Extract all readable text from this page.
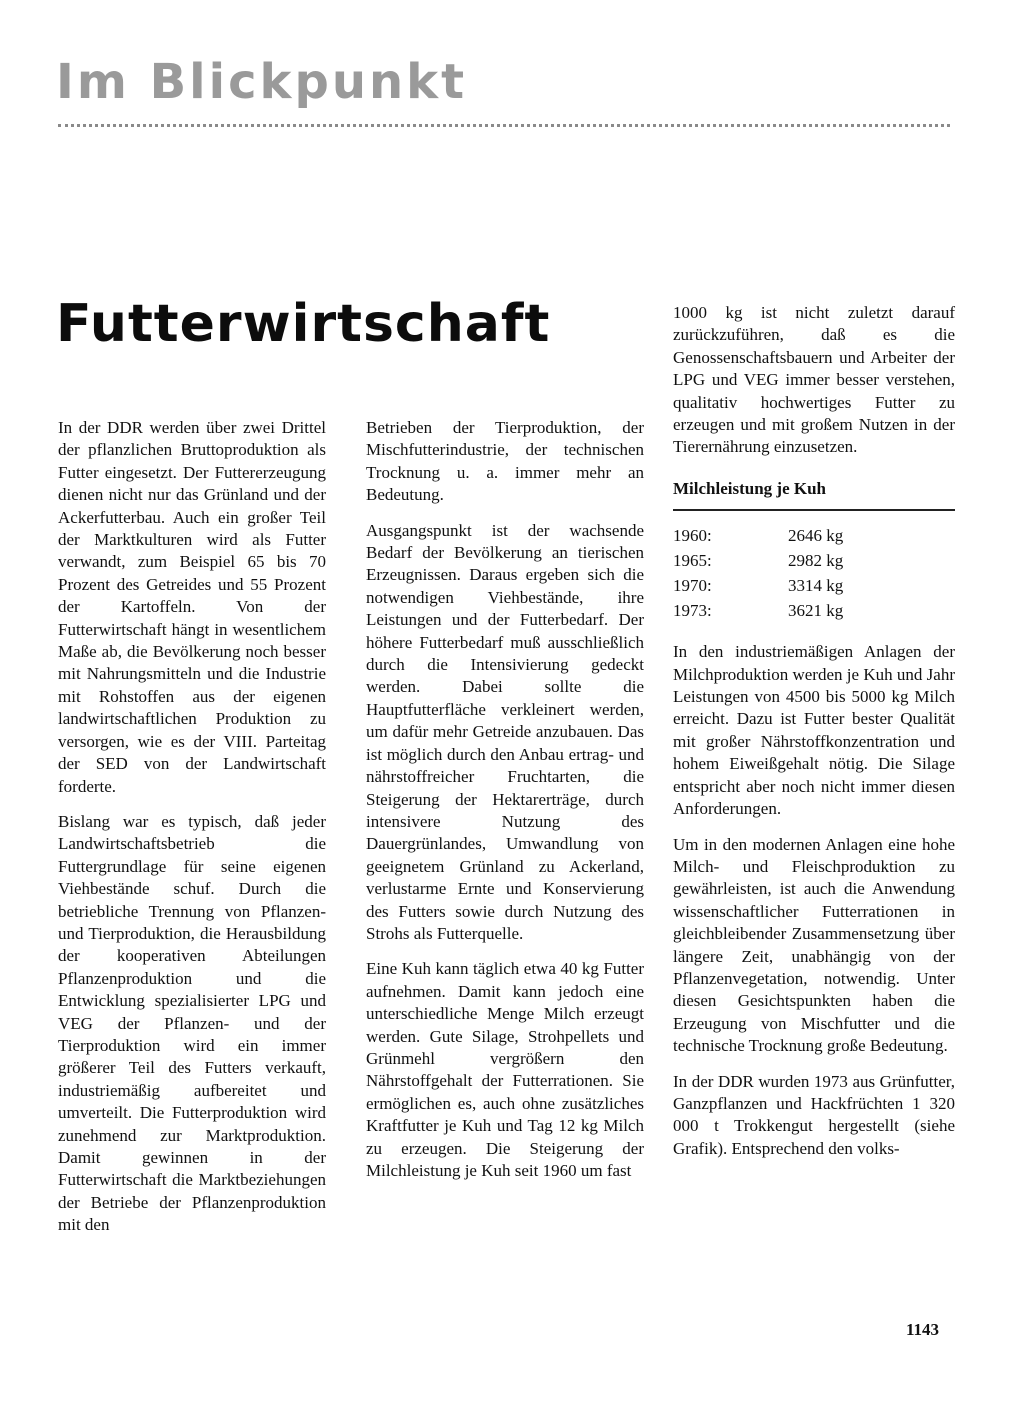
Im Blickpunkt
Futterwirtschaft

In der DDR werden über zwei Drittel der pflanzlichen Bruttoproduktion als Futter eingesetzt. Der Futtererzeugung dienen nicht nur das Grünland und der Ackerfutterbau. Auch ein großer Teil der Marktkulturen wird als Futter verwandt, zum Beispiel 65 bis 70 Prozent des Getreides und 55 Prozent der Kartoffeln. Von der Futterwirtschaft hängt in wesentlichem Maße ab, die Bevölkerung noch besser mit Nahrungsmitteln und die Industrie mit Rohstoffen aus der eigenen landwirtschaftlichen Produktion zu versorgen, wie es der VIII. Parteitag der SED von der Landwirtschaft forderte.

Bislang war es typisch, daß jeder Landwirtschaftsbetrieb die Futtergrundlage für seine eigenen Viehbestände schuf. Durch die betriebliche Trennung von Pflanzen- und Tierproduktion, die Herausbildung der kooperativen Abteilungen Pflanzenproduktion und die Entwicklung spezialisierter LPG und VEG der Pflanzen- und der Tierproduktion wird ein immer größerer Teil des Futters verkauft, industriemäßig aufbereitet und umverteilt. Die Futterproduktion wird zunehmend zur Marktproduktion. Damit gewinnen in der Futterwirtschaft die Marktbeziehungen der Betriebe der Pflanzenproduktion mit den

Betrieben der Tierproduktion, der Mischfutterindustrie, der technischen Trocknung u. a. immer mehr an Bedeutung.

Ausgangspunkt ist der wachsende Bedarf der Bevölkerung an tierischen Erzeugnissen. Daraus ergeben sich die notwendigen Viehbestände, ihre Leistungen und der Futterbedarf. Der höhere Futterbedarf muß ausschließlich durch die Intensivierung gedeckt werden. Dabei sollte die Hauptfutterfläche verkleinert werden, um dafür mehr Getreide anzubauen. Das ist möglich durch den Anbau ertrag- und nährstoffreicher Fruchtarten, die Steigerung der Hektarerträge, durch intensivere Nutzung des Dauergrünlandes, Umwandlung von geeignetem Grünland zu Ackerland, verlustarme Ernte und Konservierung des Futters sowie durch Nutzung des Strohs als Futterquelle.

Eine Kuh kann täglich etwa 40 kg Futter aufnehmen. Damit kann jedoch eine unterschiedliche Menge Milch erzeugt werden. Gute Silage, Strohpellets und Grünmehl vergrößern den Nährstoffgehalt der Futterrationen. Sie ermöglichen es, auch ohne zusätzliches Kraftfutter je Kuh und Tag 12 kg Milch zu erzeugen. Die Steigerung der Milchleistung je Kuh seit 1960 um fast

1000 kg ist nicht zuletzt darauf zurückzuführen, daß es die Genossenschaftsbauern und Arbeiter der LPG und VEG immer besser verstehen, qualitativ hochwertiges Futter zu erzeugen und mit großem Nutzen in der Tierernährung einzusetzen.

Milchleistung je Kuh
1960:	2646 kg
1965:	2982 kg
1970:	3314 kg
1973:	3621 kg

In den industriemäßigen Anlagen der Milchproduktion werden je Kuh und Jahr Leistungen von 4500 bis 5000 kg Milch erreicht. Dazu ist Futter bester Qualität mit großer Nährstoffkonzentration und hohem Eiweißgehalt nötig. Die Silage entspricht aber noch nicht immer diesen Anforderungen.

Um in den modernen Anlagen eine hohe Milch- und Fleischproduktion zu gewährleisten, ist auch die Anwendung wissenschaftlicher Futterrationen in gleichbleibender Zusammensetzung über längere Zeit, unabhängig von der Pflanzenvegetation, notwendig. Unter diesen Gesichtspunkten haben die Erzeugung von Mischfutter und die technische Trocknung große Bedeutung.

In der DDR wurden 1973 aus Grünfutter, Ganzpflanzen und Hackfrüchten 1 320 000 t Trokkengut hergestellt (siehe Grafik). Entsprechend den volks-

1143
